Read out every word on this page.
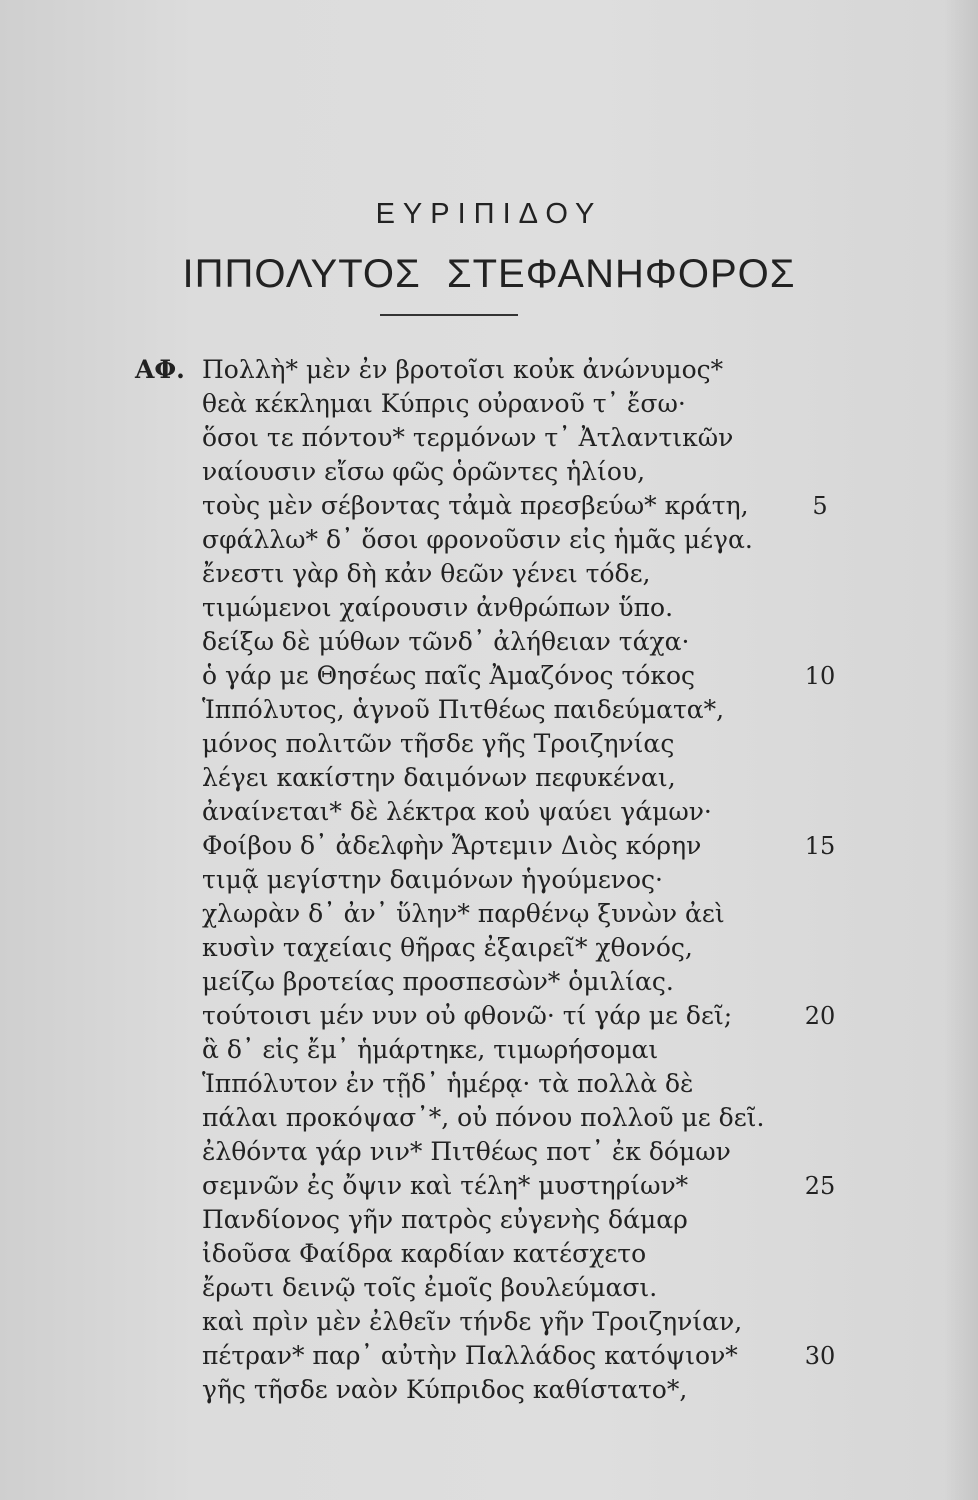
ΕΥΡΙΠΙΔΟΥ
ΙΠΠΟΛΥΤΟΣ ΣΤΕΦΑΝΗΦΟΡΟΣ
ΑΦ. Πολλὴ* μὲν ἐν βροτοῖσι κοὐκ ἀνώνυμος*
θεὰ κέκλημαι Κύπρις οὐρανοῦ τ᾿ ἔσω·
ὅσοι τε πόντου* τερμόνων τ᾿ Ἀτλαντικῶν
ναίουσιν εἴσω φῶς ὁρῶντες ἡλίου,
τοὺς μὲν σέβοντας τἀμὰ πρεσβεύω* κράτη,
σφάλλω* δ᾿ ὅσοι φρονοῦσιν εἰς ἡμᾶς μέγα.
ἔνεστι γὰρ δὴ κἀν θεῶν γένει τόδε,
τιμώμενοι χαίρουσιν ἀνθρώπων ὕπο.
δείξω δὲ μύθων τῶνδ᾿ ἀλήθειαν τάχα·
ὁ γάρ με Θησέως παῖς Ἀμαζόνος τόκος
Ἱππόλυτος, ἁγνοῦ Πιτθέως παιδεύματα*,
μόνος πολιτῶν τῆσδε γῆς Τροιζηνίας
λέγει κακίστην δαιμόνων πεφυκέναι,
ἀναίνεται* δὲ λέκτρα κοὐ ψαύει γάμων·
Φοίβου δ᾿ ἀδελφὴν Ἄρτεμιν Διὸς κόρην
τιμᾷ μεγίστην δαιμόνων ἡγούμενος·
χλωρὰν δ᾿ ἀν᾿ ὕλην* παρθένῳ ξυνὼν ἀεὶ
κυσὶν ταχείαις θῆρας ἐξαιρεῖ* χθονός,
μείζω βροτείας προσπεσὼν* ὁμιλίας.
τούτοισι μέν νυν οὐ φθονῶ· τί γάρ με δεῖ;
ἃ δ᾿ εἰς ἔμ᾿ ἡμάρτηκε, τιμωρήσομαι
Ἱππόλυτον ἐν τῇδ᾿ ἡμέρᾳ· τὰ πολλὰ δὲ
πάλαι προκόψασ᾿*, οὐ πόνου πολλοῦ με δεῖ.
ἐλθόντα γάρ νιν* Πιτθέως ποτ᾿ ἐκ δόμων
σεμνῶν ἐς ὄψιν καὶ τέλη* μυστηρίων*
Πανδίονος γῆν πατρὸς εὐγενὴς δάμαρ
ἰδοῦσα Φαίδρα καρδίαν κατέσχετο
ἔρωτι δεινῷ τοῖς ἐμοῖς βουλεύμασι.
καὶ πρὶν μὲν ἐλθεῖν τήνδε γῆν Τροιζηνίαν,
πέτραν* παρ᾿ αὐτὴν Παλλάδος κατόψιον*
γῆς τῆσδε ναὸν Κύπριδος καθίστατο*,
5
10
15
20
25
30
